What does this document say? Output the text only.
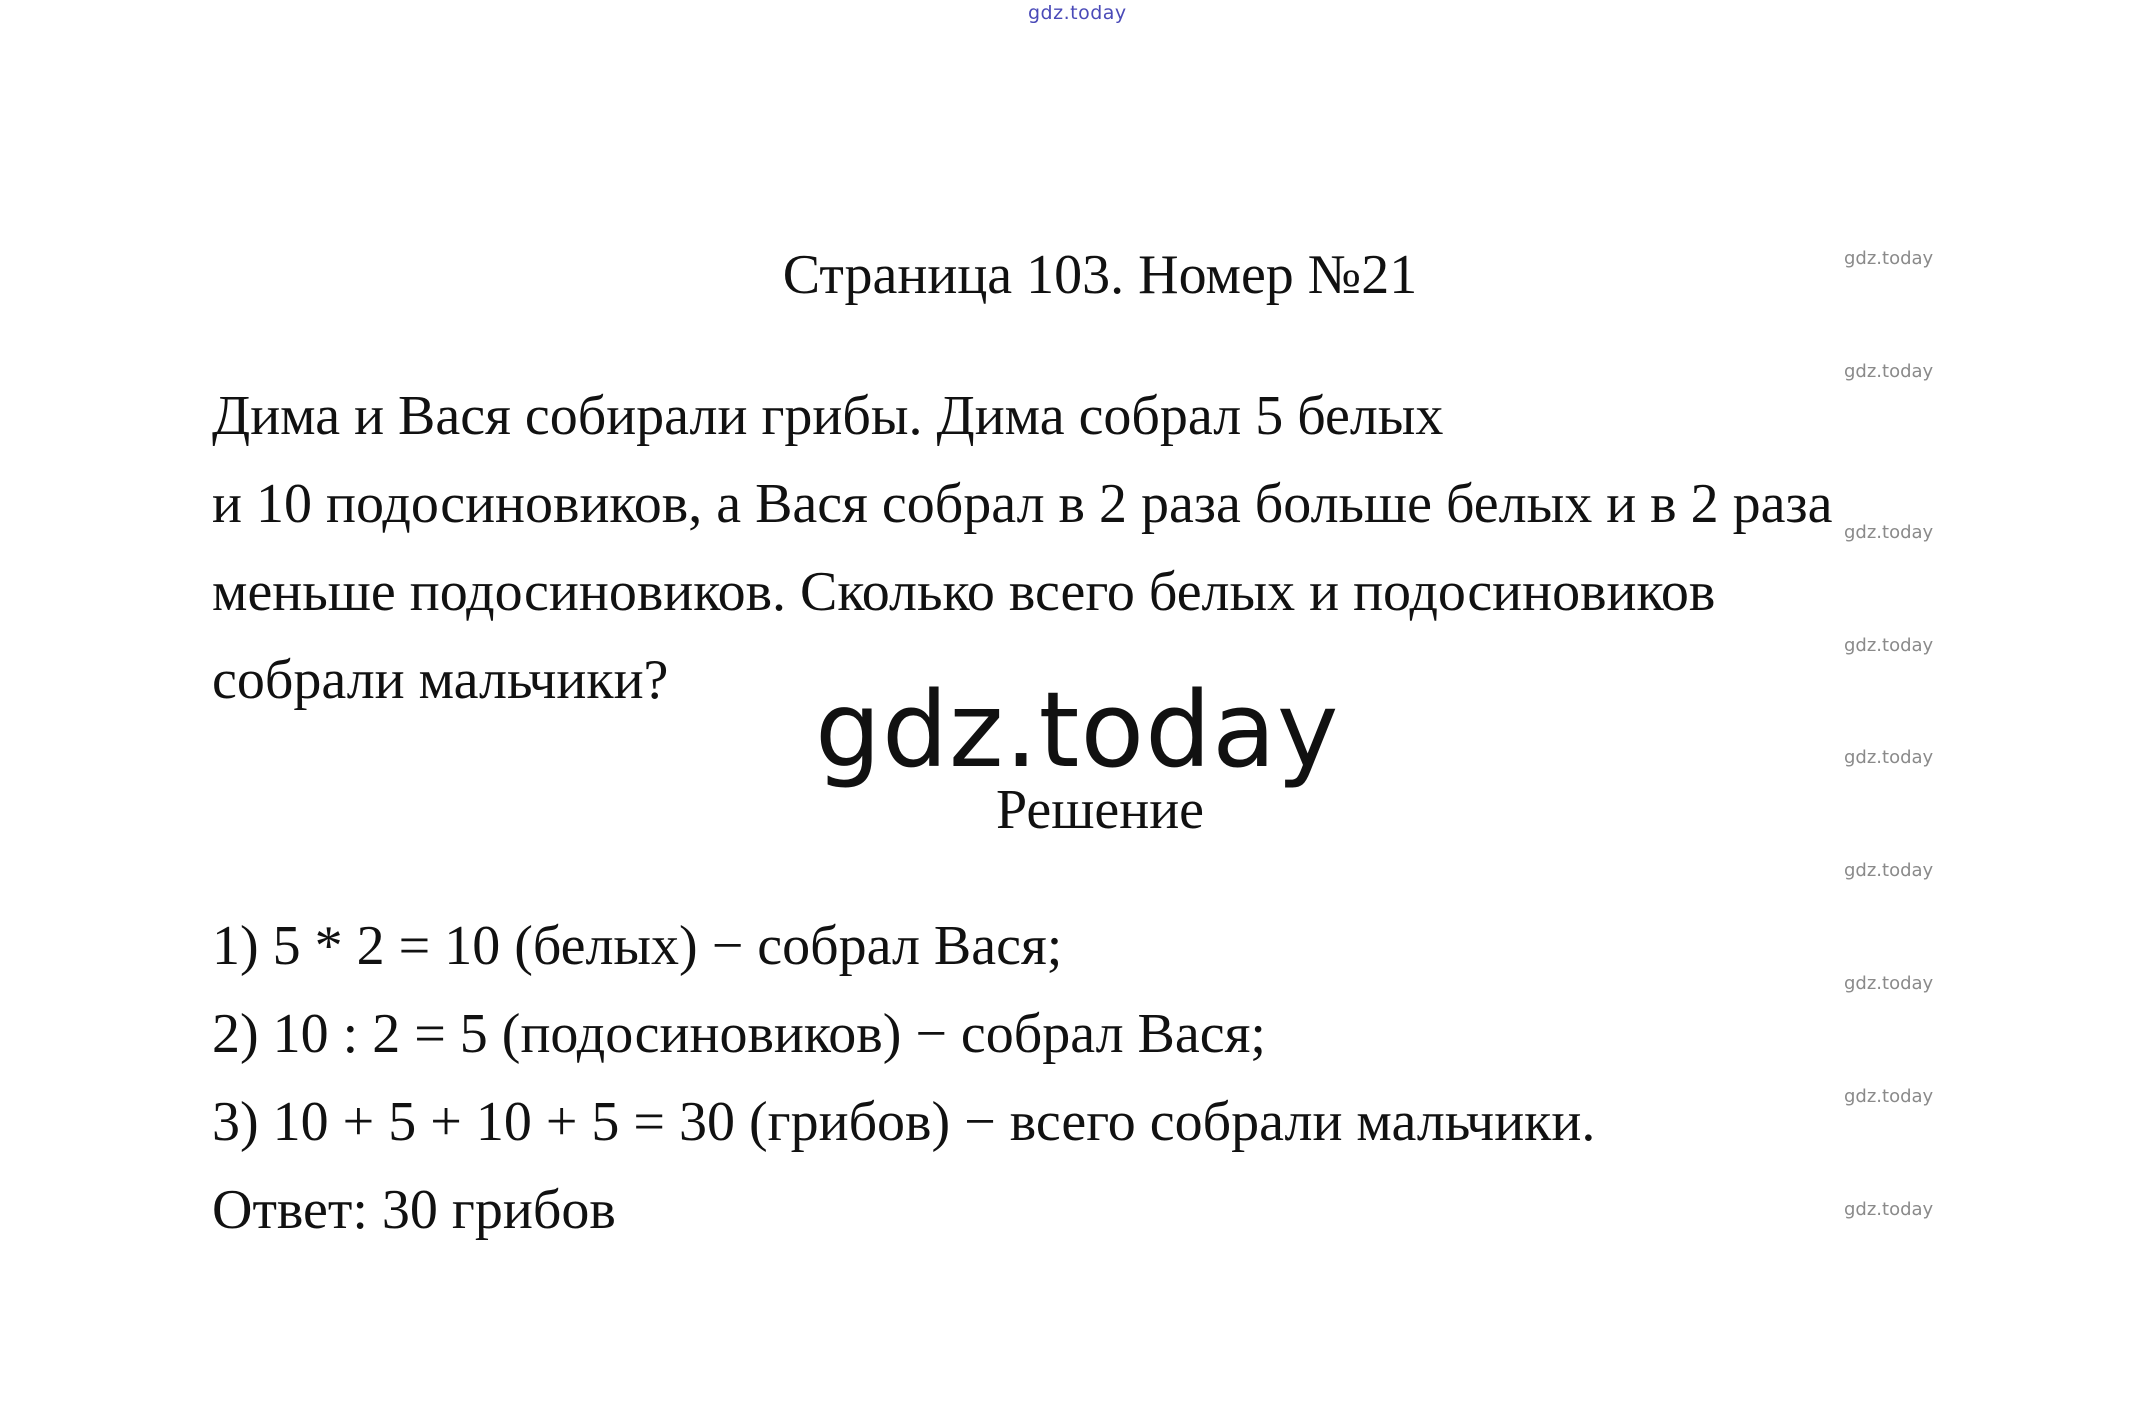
gdz.today
gdz.today
gdz.today
gdz.today
gdz.today
gdz.today
gdz.today
gdz.today
gdz.today
gdz.today
Страница 103. Номер №21

Дима и Вася собирали грибы. Дима собрал 5 белых
и 10 подосиновиков, а Вася собрал в 2 раза больше белых и в 2 раза
меньше подосиновиков. Сколько всего белых и подосиновиков
собрали мальчики?	gdz.today
Решение
1) 5 * 2 = 10 (белых) − собрал Вася;
2) 10 : 2 = 5 (подосиновиков) − собрал Вася;
3) 10 + 5 + 10 + 5 = 30 (грибов) − всего собрали мальчики.

Ответ: 30 грибов
